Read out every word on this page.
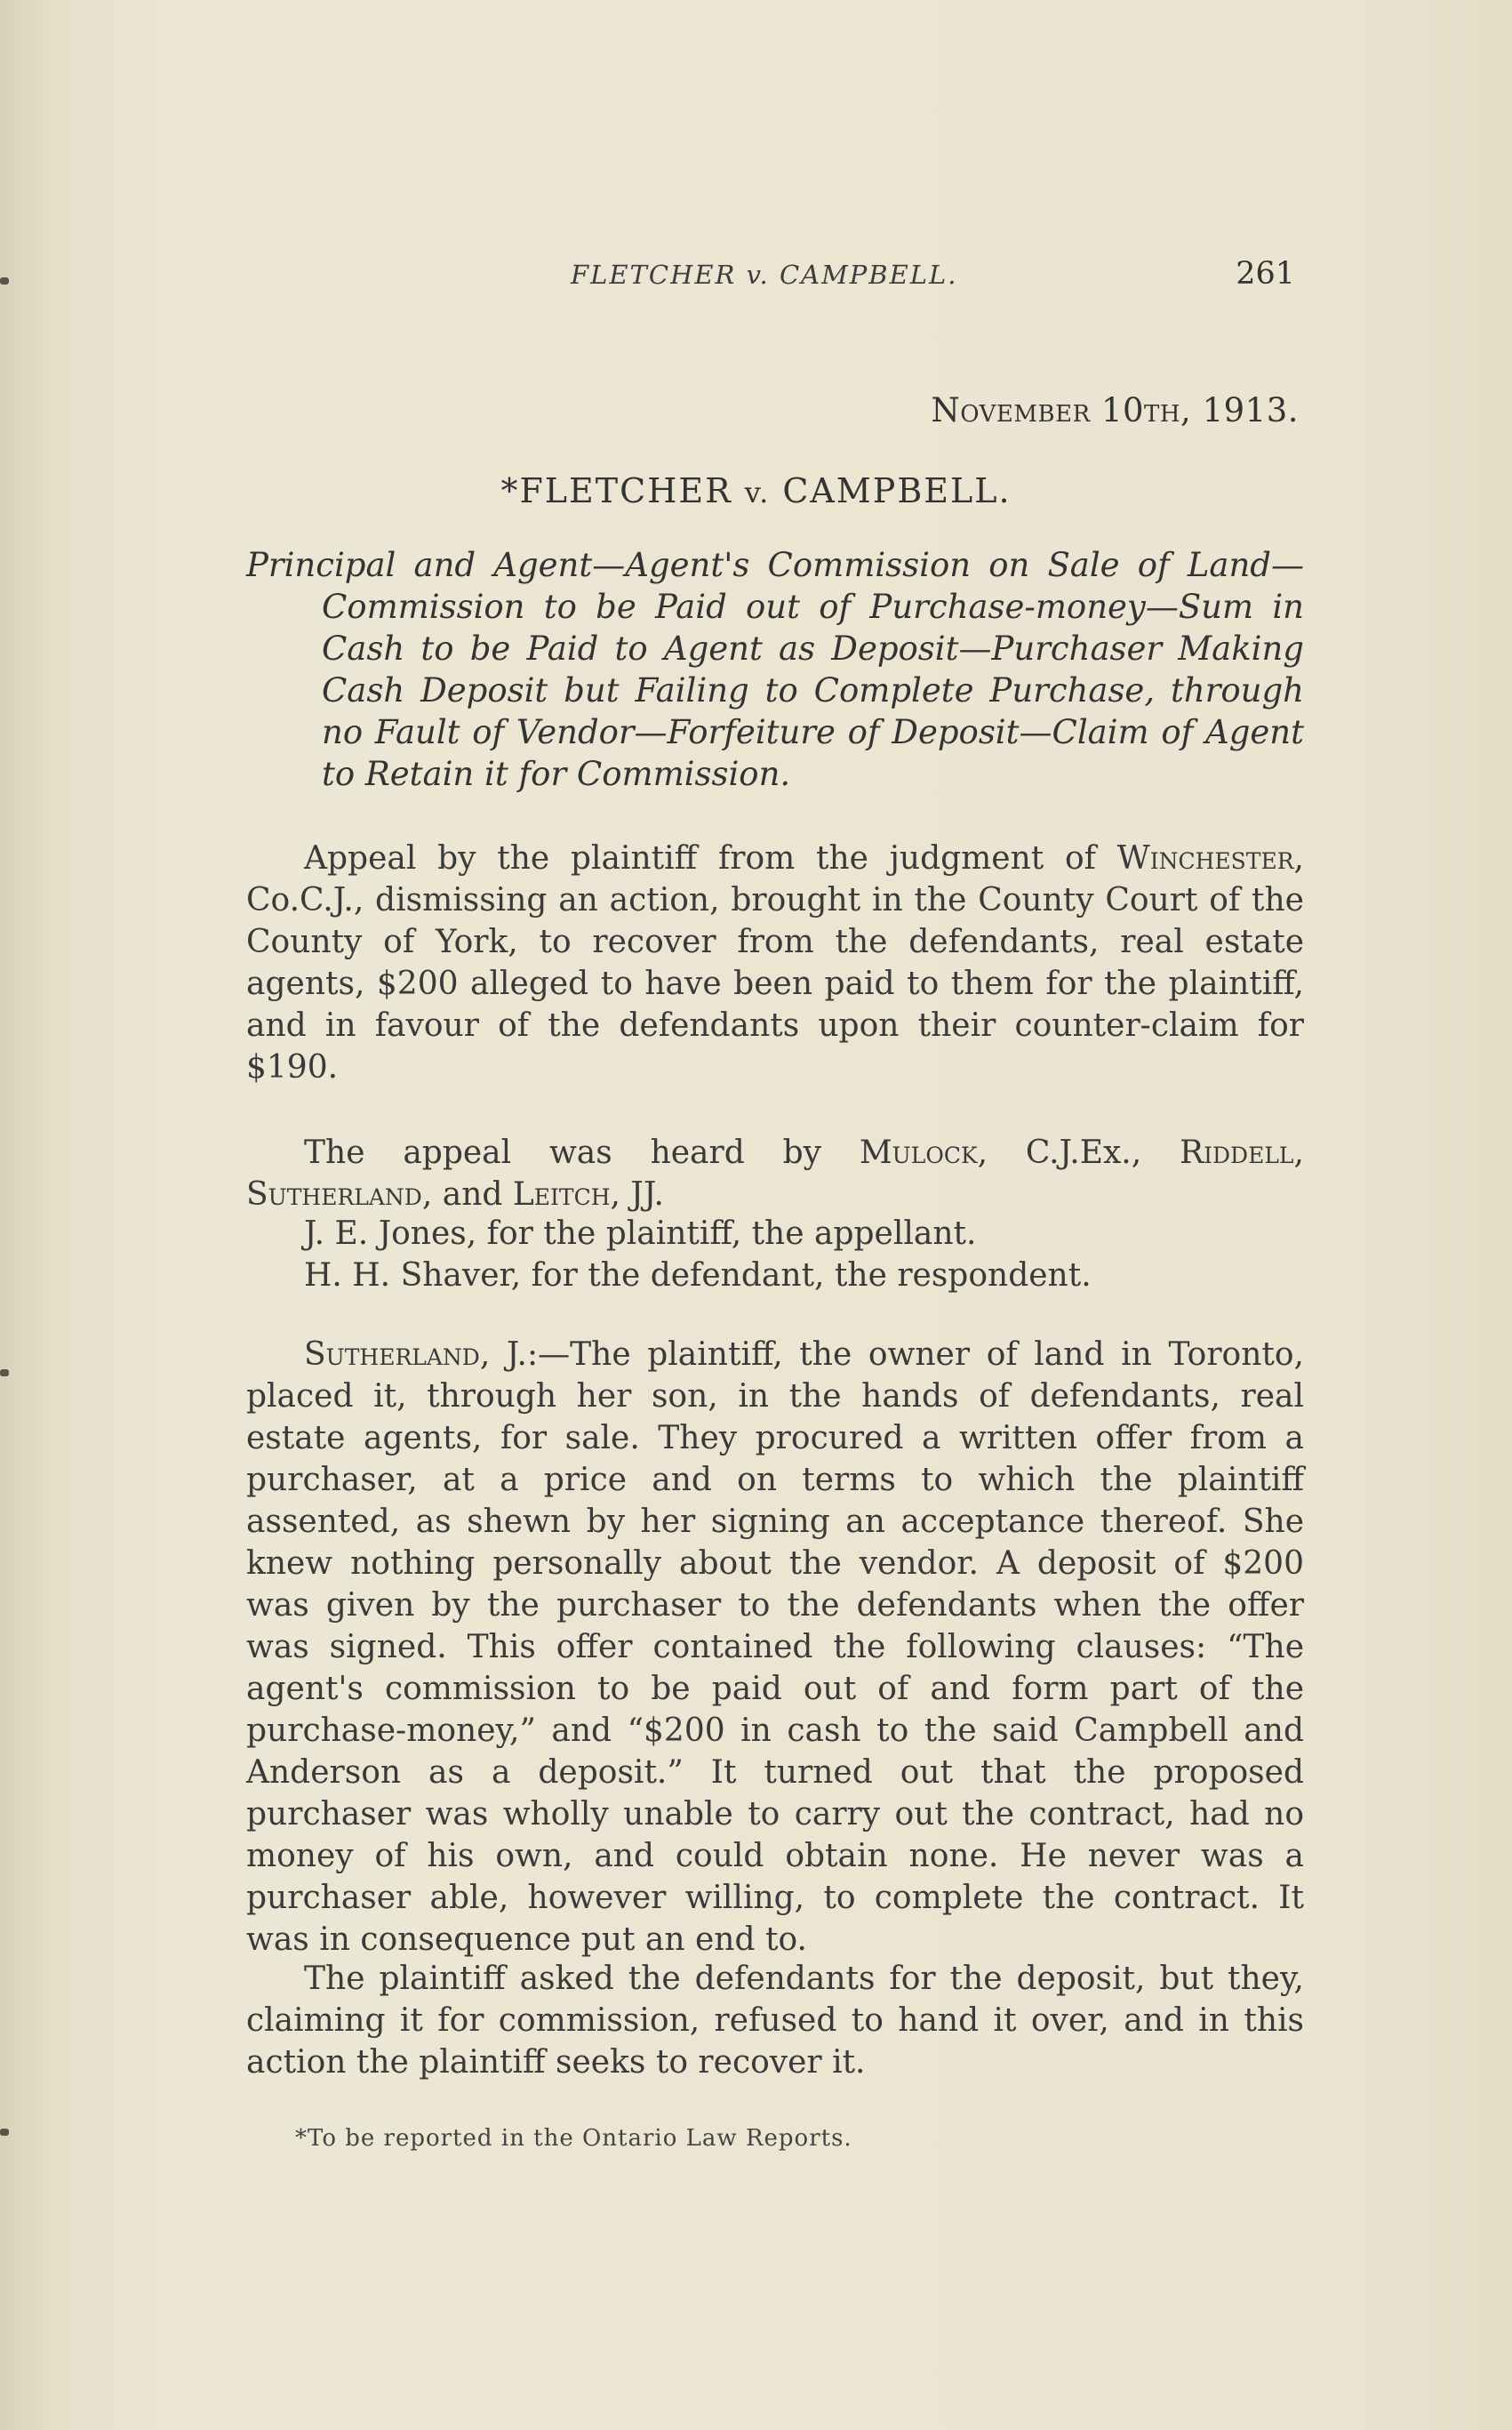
FLETCHER v. CAMPBELL.	261
November 10th, 1913.
*FLETCHER v. CAMPBELL.
Principal and Agent—Agent's Commission on Sale of Land—Commission to be Paid out of Purchase-money—Sum in Cash to be Paid to Agent as Deposit—Purchaser Making Cash Deposit but Failing to Complete Purchase, through no Fault of Vendor—Forfeiture of Deposit—Claim of Agent to Retain it for Commission.
Appeal by the plaintiff from the judgment of Winchester, Co.C.J., dismissing an action, brought in the County Court of the County of York, to recover from the defendants, real estate agents, $200 alleged to have been paid to them for the plaintiff, and in favour of the defendants upon their counter-claim for $190.
The appeal was heard by Mulock, C.J.Ex., Riddell, Sutherland, and Leitch, JJ.
J. E. Jones, for the plaintiff, the appellant.
H. H. Shaver, for the defendant, the respondent.
Sutherland, J.:—The plaintiff, the owner of land in Toronto, placed it, through her son, in the hands of defendants, real estate agents, for sale. They procured a written offer from a purchaser, at a price and on terms to which the plaintiff assented, as shewn by her signing an acceptance thereof. She knew nothing personally about the vendor. A deposit of $200 was given by the purchaser to the defendants when the offer was signed. This offer contained the following clauses: “The agent's commission to be paid out of and form part of the purchase-money,” and “$200 in cash to the said Campbell and Anderson as a deposit.” It turned out that the proposed purchaser was wholly unable to carry out the contract, had no money of his own, and could obtain none. He never was a purchaser able, however willing, to complete the contract. It was in consequence put an end to.
The plaintiff asked the defendants for the deposit, but they, claiming it for commission, refused to hand it over, and in this action the plaintiff seeks to recover it.
*To be reported in the Ontario Law Reports.
